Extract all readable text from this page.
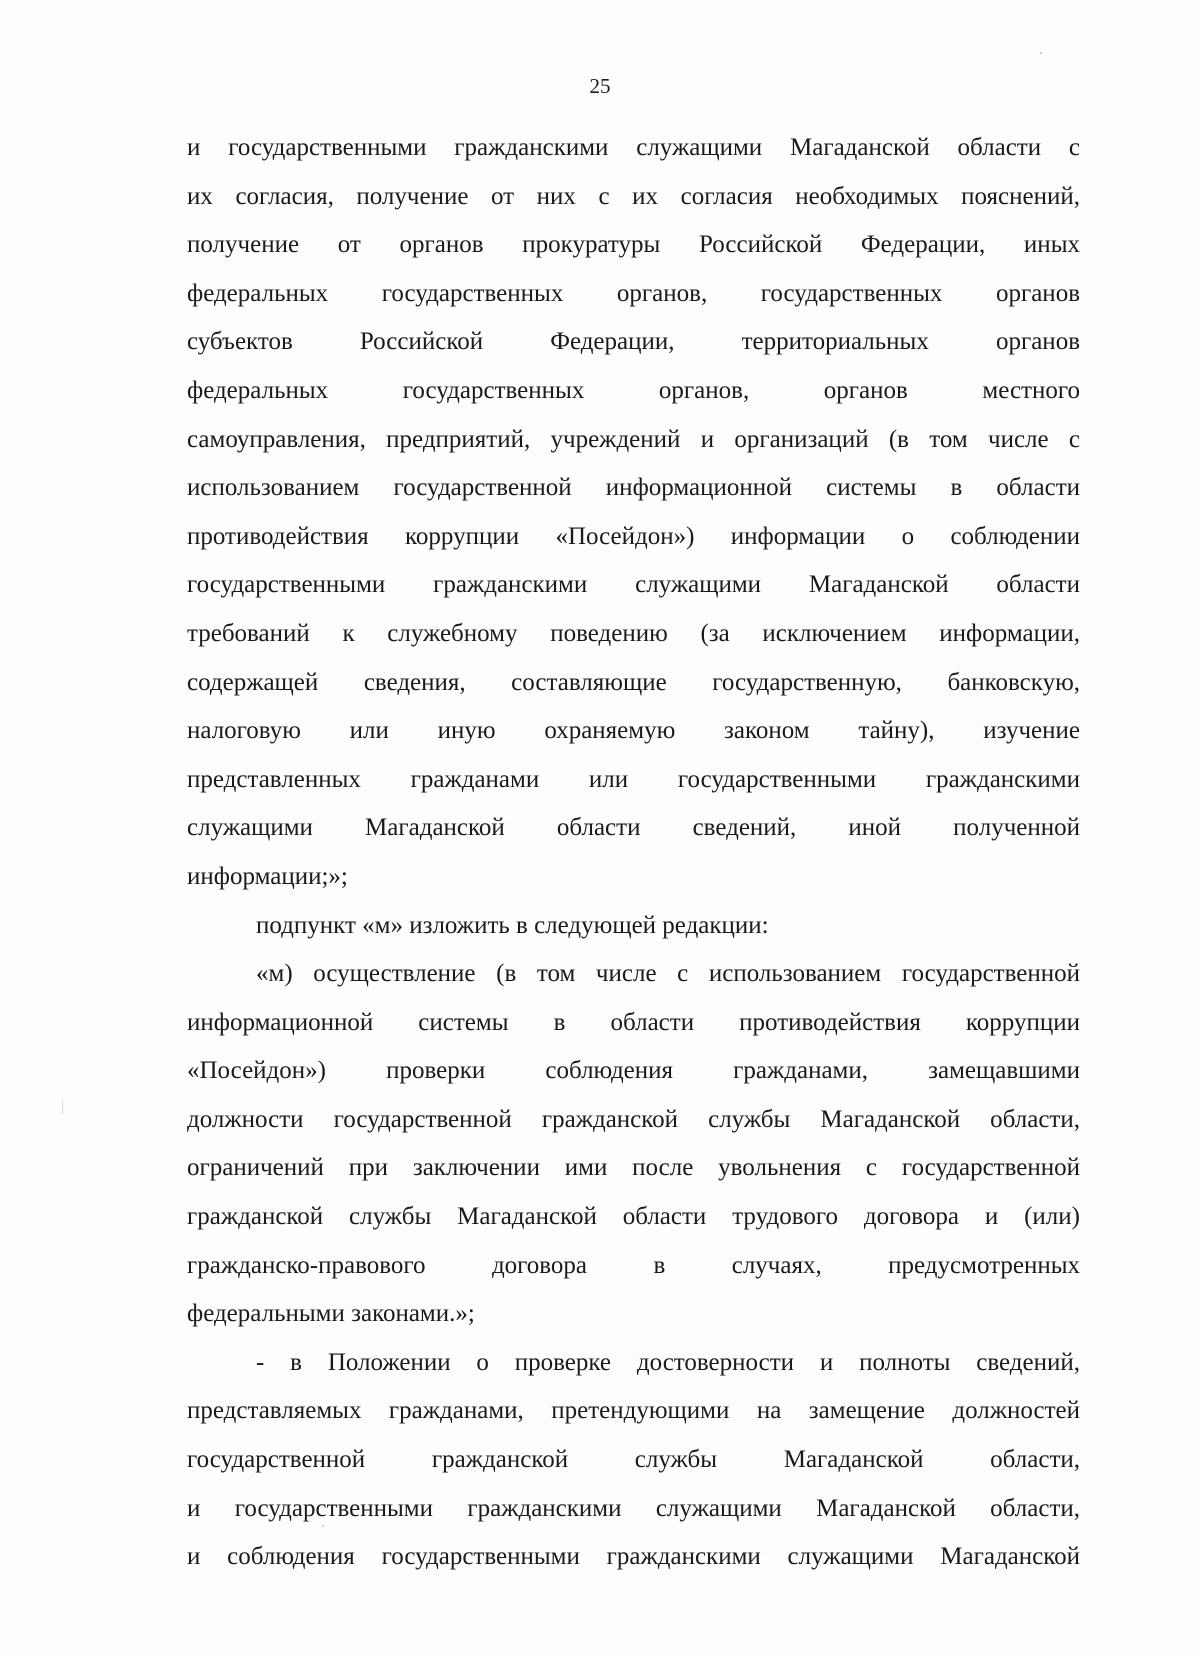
25
и государственными гражданскими служащими Магаданской области с
их согласия, получение от них с их согласия необходимых пояснений,
получение от органов прокуратуры Российской Федерации, иных
федеральных государственных органов, государственных органов
субъектов Российской Федерации, территориальных органов
федеральных государственных органов, органов местного
самоуправления, предприятий, учреждений и организаций (в том числе с
использованием государственной информационной системы в области
противодействия коррупции «Посейдон») информации о соблюдении
государственными гражданскими служащими Магаданской области
требований к служебному поведению (за исключением информации,
содержащей сведения, составляющие государственную, банковскую,
налоговую или иную охраняемую законом тайну), изучение
представленных гражданами или государственными гражданскими
служащими Магаданской области сведений, иной полученной
информации;»;
подпункт «м» изложить в следующей редакции:
«м) осуществление (в том числе с использованием государственной
информационной системы в области противодействия коррупции
«Посейдон») проверки соблюдения гражданами, замещавшими
должности государственной гражданской службы Магаданской области,
ограничений при заключении ими после увольнения с государственной
гражданской службы Магаданской области трудового договора и (или)
гражданско-правового договора в случаях, предусмотренных
федеральными законами.»;
- в Положении о проверке достоверности и полноты сведений,
представляемых гражданами, претендующими на замещение должностей
государственной гражданской службы Магаданской области,
и государственными гражданскими служащими Магаданской области,
и соблюдения государственными гражданскими служащими Магаданской
